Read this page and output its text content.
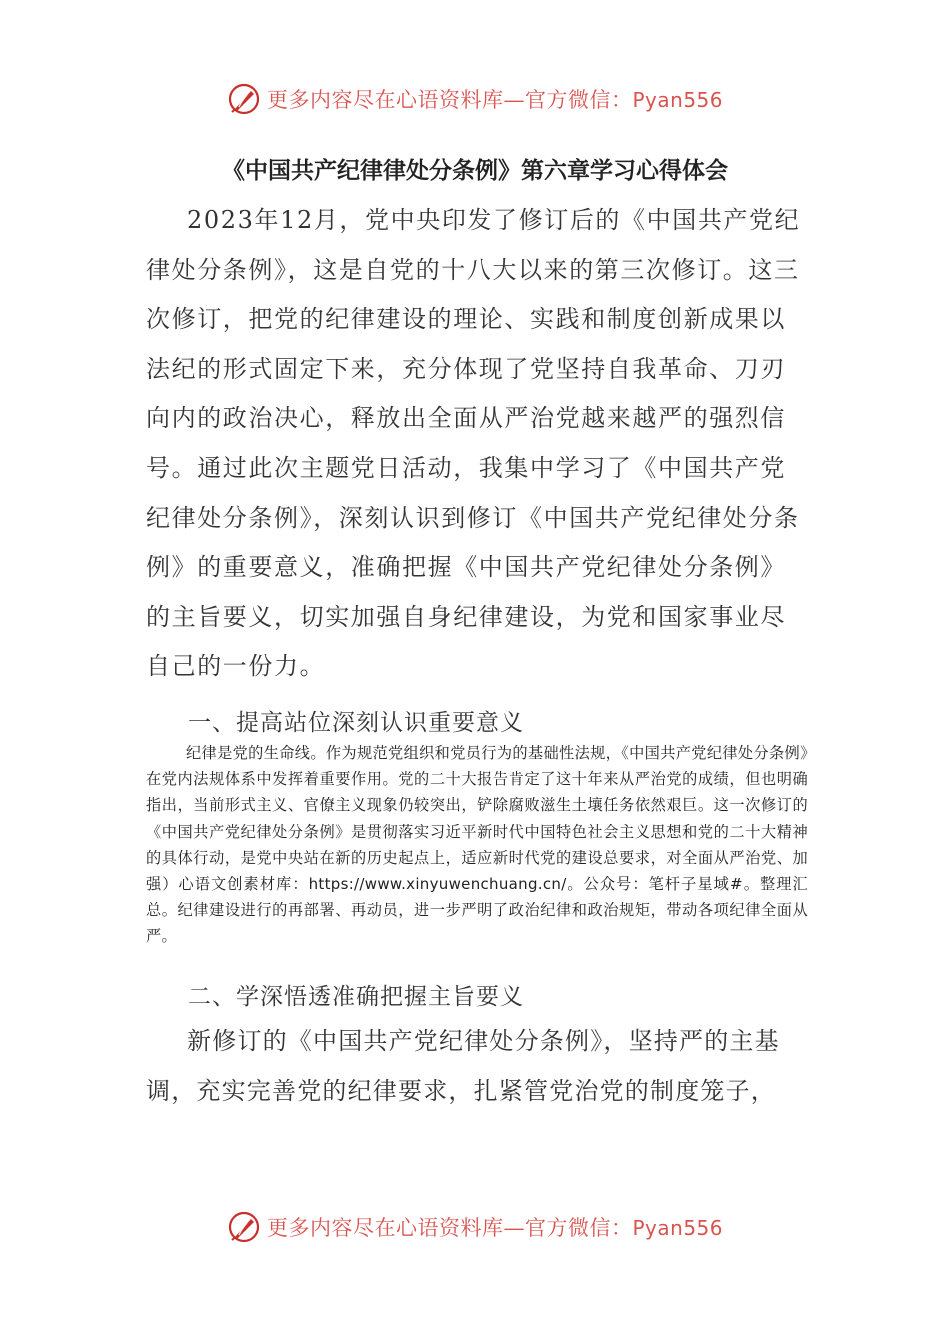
更多内容尽在心语资料库—官方微信：Pyan556
《中国共产纪律律处分条例》第六章学习心得体会

2023年12月，党中央印发了修订后的《中国共产党纪律处分条例》，这是自党的十八大以来的第三次修订。这三次修订，把党的纪律建设的理论、实践和制度创新成果以法纪的形式固定下来，充分体现了党坚持自我革命、刀刃向内的政治决心，释放出全面从严治党越来越严的强烈信号。通过此次主题党日活动，我集中学习了《中国共产党纪律处分条例》，深刻认识到修订《中国共产党纪律处分条例》的重要意义，准确把握《中国共产党纪律处分条例》的主旨要义，切实加强自身纪律建设，为党和国家事业尽自己的一份力。

一、提高站位深刻认识重要意义

纪律是党的生命线。作为规范党组织和党员行为的基础性法规，《中国共产党纪律处分条例》在党内法规体系中发挥着重要作用。党的二十大报告肯定了这十年来从严治党的成绩，但也明确指出，当前形式主义、官僚主义现象仍较突出，铲除腐败滋生土壤任务依然艰巨。这一次修订的《中国共产党纪律处分条例》是贯彻落实习近平新时代中国特色社会主义思想和党的二十大精神的具体行动，是党中央站在新的历史起点上，适应新时代党的建设总要求，对全面从严治党、加强）心语文创素材库：https://www.xinyuwenchuang.cn/。公众号：笔杆子星域#。整理汇总。纪律建设进行的再部署、再动员，进一步严明了政治纪律和政治规矩，带动各项纪律全面从严。

二、学深悟透准确把握主旨要义

新修订的《中国共产党纪律处分条例》，坚持严的主基调，充实完善党的纪律要求，扎紧管党治党的制度笼子，

更多内容尽在心语资料库—官方微信：Pyan556
